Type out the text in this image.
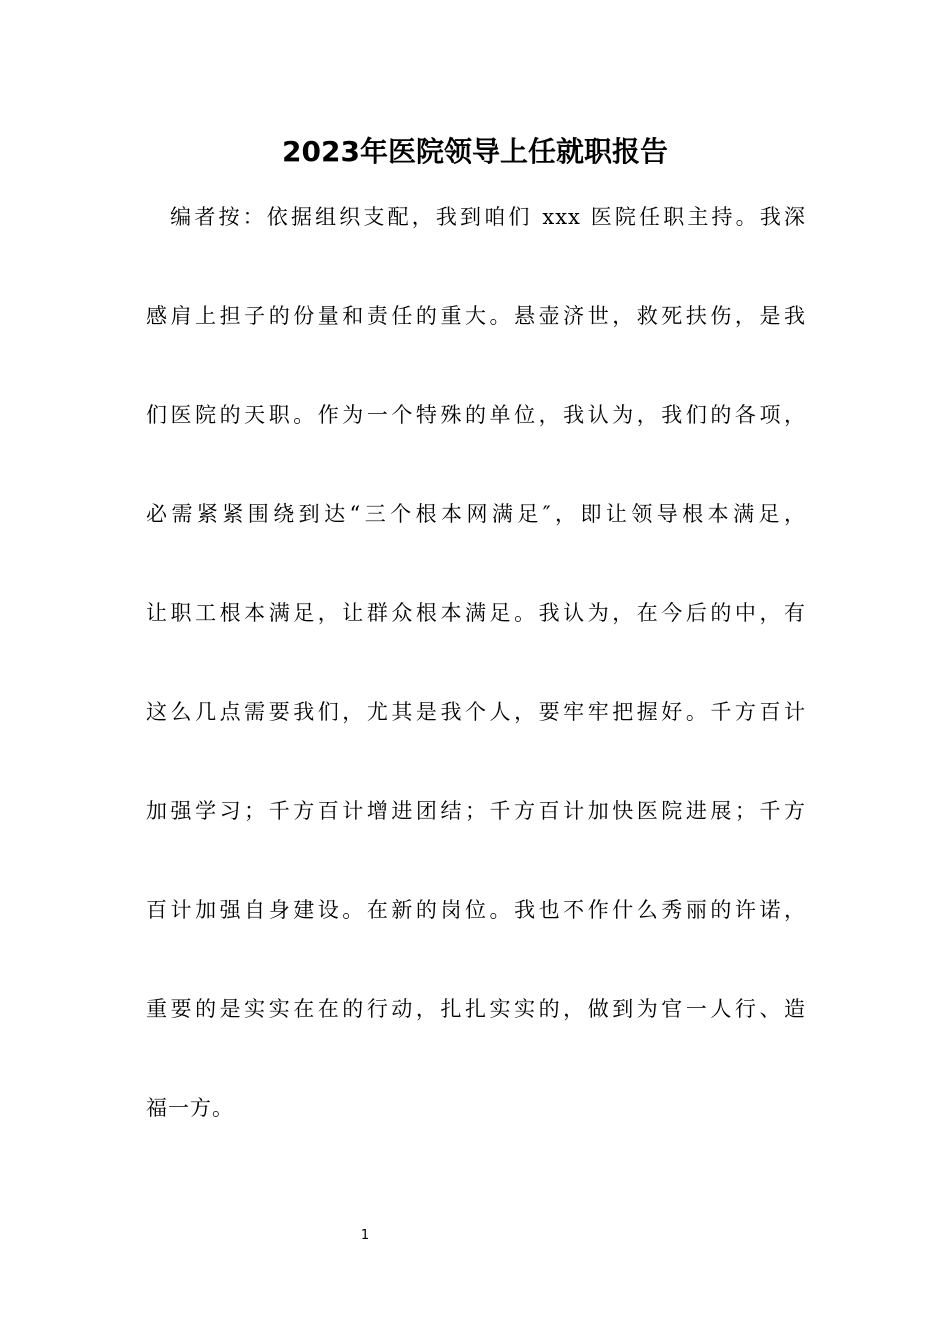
2023年医院领导上任就职报告
　编者按：依据组织支配，我到咱们 xxx 医院任职主持。我深
感肩上担子的份量和责任的重大。悬壶济世，救死扶伤，是我
们医院的天职。作为一个特殊的单位，我认为，我们的各项，
必需紧紧围绕到达“三个根本网满足″，即让领导根本满足，
让职工根本满足，让群众根本满足。我认为，在今后的中，有
这么几点需要我们，尤其是我个人，要牢牢把握好。千方百计
加强学习；千方百计增进团结；千方百计加快医院进展；千方
百计加强自身建设。在新的岗位。我也不作什么秀丽的许诺，
重要的是实实在在的行动，扎扎实实的，做到为官一人行、造
福一方。
1
